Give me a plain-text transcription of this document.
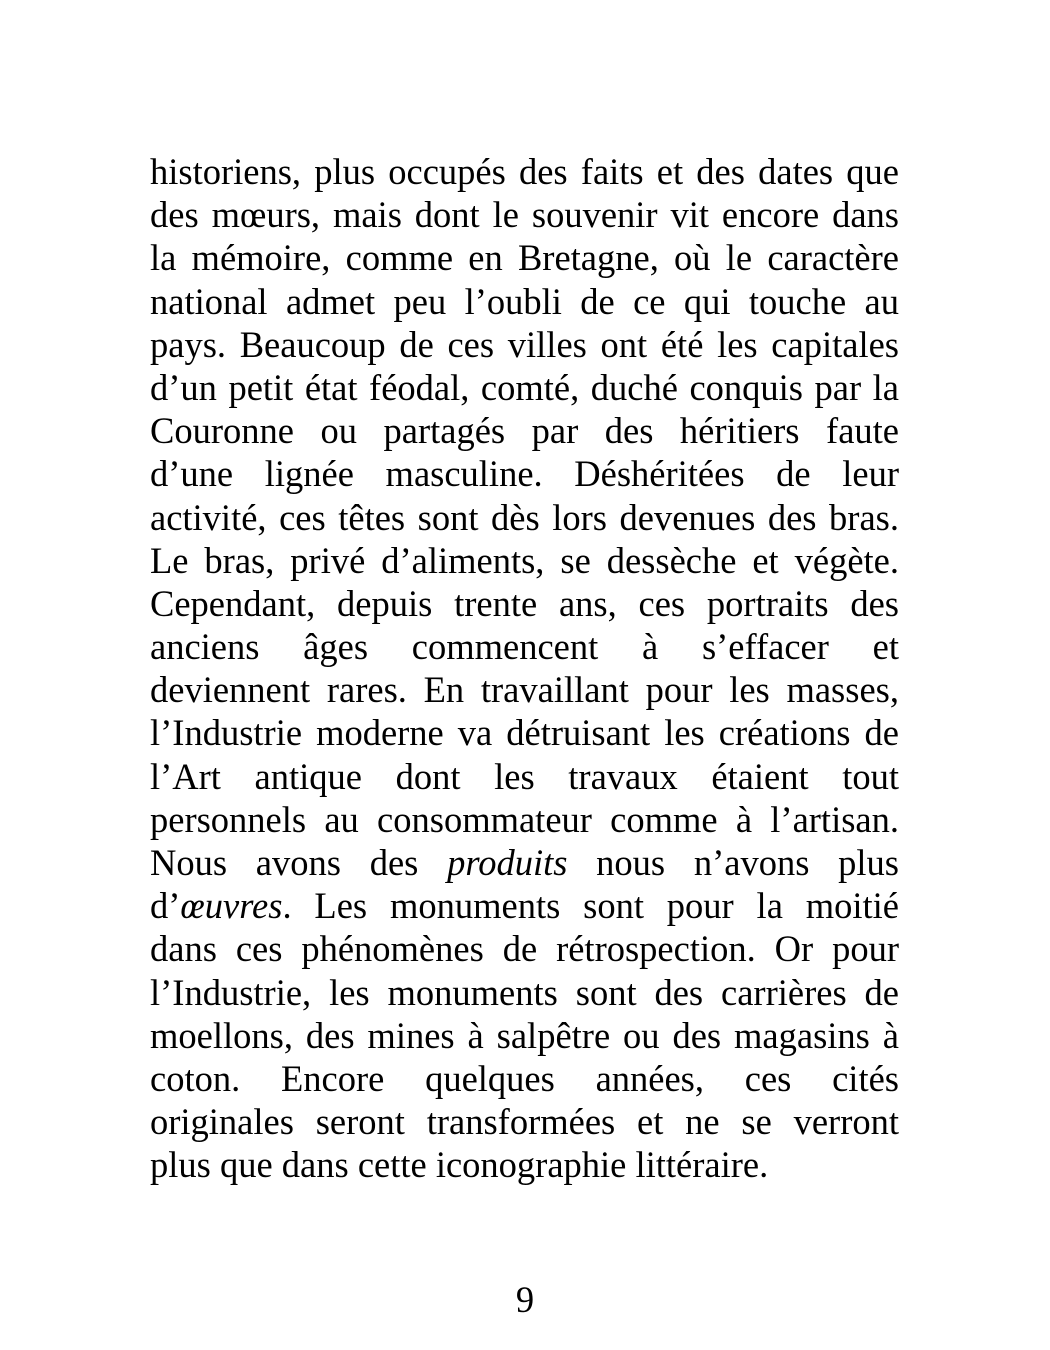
historiens, plus occupés des faits et des dates que
des mœurs, mais dont le souvenir vit encore dans
la mémoire, comme en Bretagne, où le caractère
national admet peu l’oubli de ce qui touche au
pays. Beaucoup de ces villes ont été les capitales
d’un petit état féodal, comté, duché conquis par la
Couronne ou partagés par des héritiers faute
d’une lignée masculine. Déshéritées de leur
activité, ces têtes sont dès lors devenues des bras.
Le bras, privé d’aliments, se dessèche et végète.
Cependant, depuis trente ans, ces portraits des
anciens âges commencent à s’effacer et
deviennent rares. En travaillant pour les masses,
l’Industrie moderne va détruisant les créations de
l’Art antique dont les travaux étaient tout
personnels au consommateur comme à l’artisan.
Nous avons des produits nous n’avons plus
d’œuvres. Les monuments sont pour la moitié
dans ces phénomènes de rétrospection. Or pour
l’Industrie, les monuments sont des carrières de
moellons, des mines à salpêtre ou des magasins à
coton. Encore quelques années, ces cités
originales seront transformées et ne se verront
plus que dans cette iconographie littéraire.
9
